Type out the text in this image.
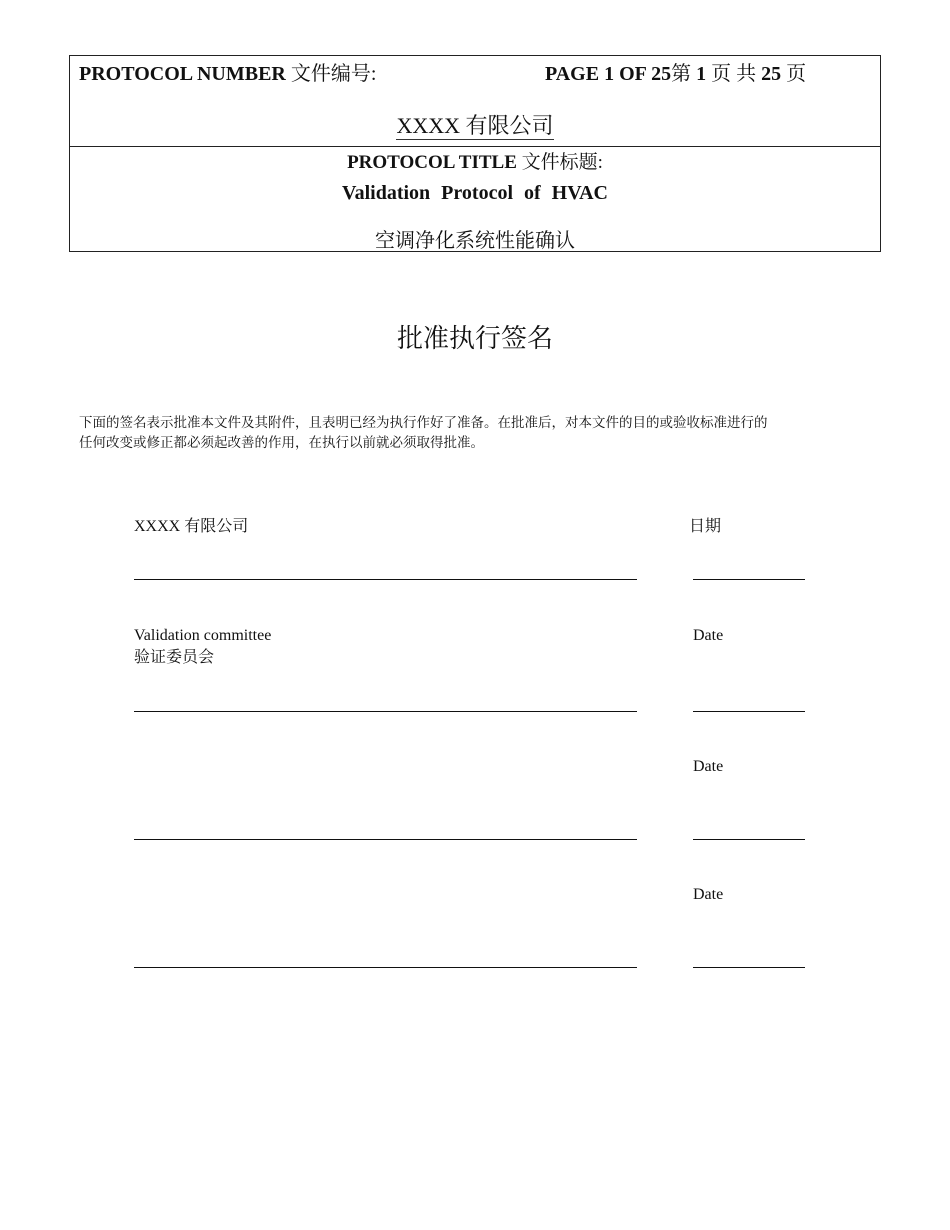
PROTOCOL NUMBER 文件编号:	PAGE 1 OF 25第 1 页 共 25 页
XXXX 有限公司
PROTOCOL TITLE 文件标题:
Validation Protocol of HVAC
空调净化系统性能确认
批准执行签名
下面的签名表示批准本文件及其附件，且表明已经为执行作好了准备。在批准后，对本文件的目的或验收标准进行的
任何改变或修正都必须起改善的作用，在执行以前就必须取得批准。
XXXX 有限公司	日期
Validation committee
验证委员会
Date
Date
Date
